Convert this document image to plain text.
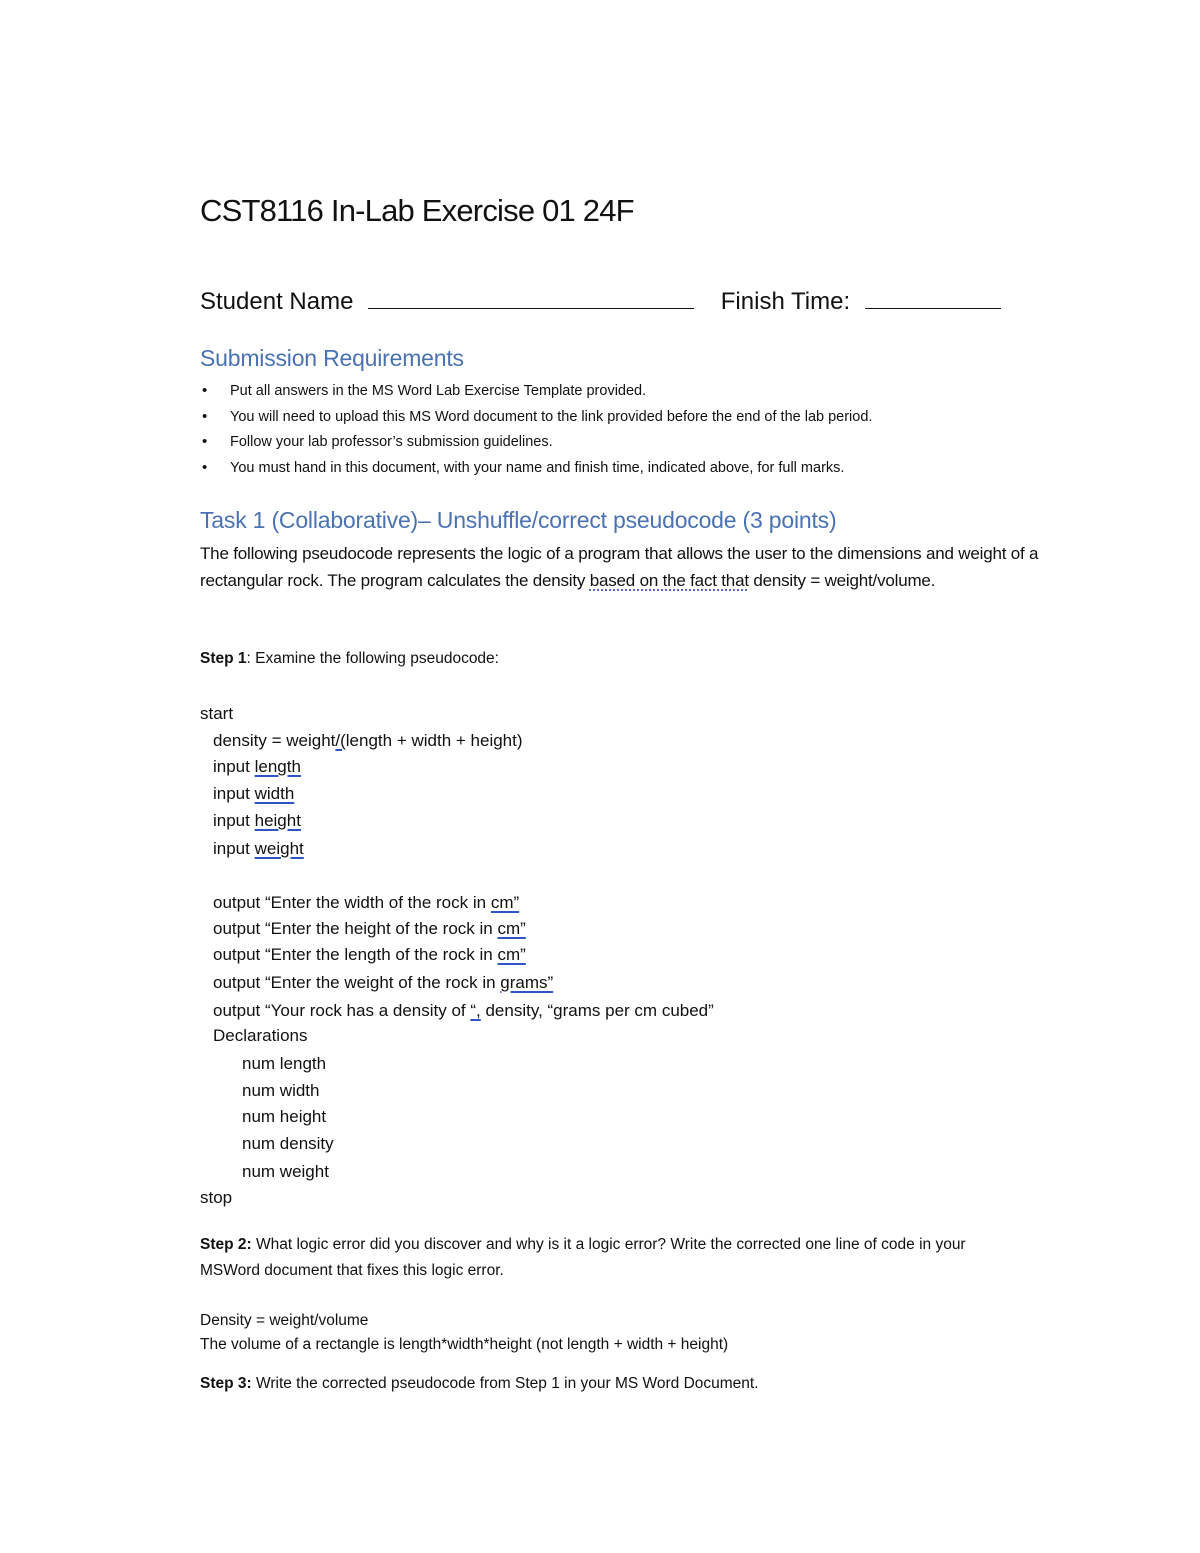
CST8116 In-Lab Exercise 01 24F
Student Name	Finish Time:
Submission Requirements
• Put all answers in the MS Word Lab Exercise Template provided.
• You will need to upload this MS Word document to the link provided before the end of the lab period.
• Follow your lab professor’s submission guidelines.
• You must hand in this document, with your name and finish time, indicated above, for full marks.
Task 1 (Collaborative)– Unshuffle/correct pseudocode (3 points)
The following pseudocode represents the logic of a program that allows the user to the dimensions and weight of a rectangular rock. The program calculates the density based on the fact that density = weight/volume.
Step 1: Examine the following pseudocode:
start
density = weight/(length + width + height)
input length
input width
input height
input weight
output “Enter the width of the rock in cm”
output “Enter the height of the rock in cm”
output “Enter the length of the rock in cm”
output “Enter the weight of the rock in grams”
output “Your rock has a density of “, density, “grams per cm cubed”
Declarations
num length
num width
num height
num density
num weight
stop
Step 2: What logic error did you discover and why is it a logic error? Write the corrected one line of code in your
MSWord document that fixes this logic error.
Density = weight/volume
The volume of a rectangle is length*width*height (not length + width + height)
Step 3: Write the corrected pseudocode from Step 1 in your MS Word Document.
